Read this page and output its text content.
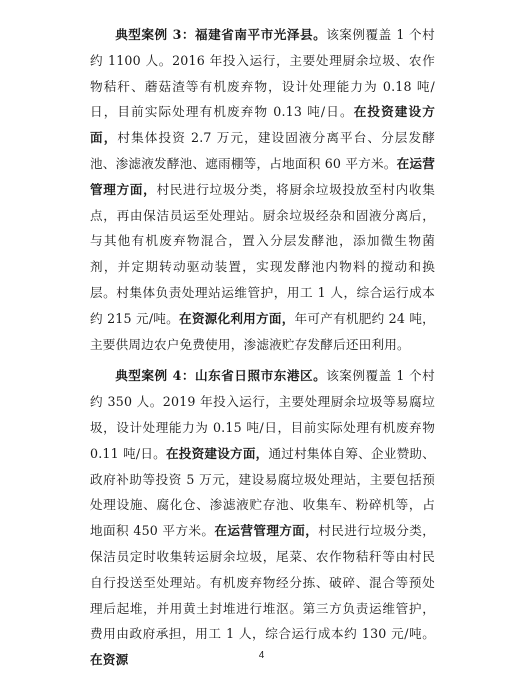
典型案例 3：福建省南平市光泽县。该案例覆盖 1 个村约 1100 人。2016 年投入运行，主要处理厨余垃圾、农作物秸秆、蘑菇渣等有机废弃物，设计处理能力为 0.18 吨/日，目前实际处理有机废弃物 0.13 吨/日。在投资建设方面，村集体投资 2.7 万元，建设固液分离平台、分层发酵池、渗滤液发酵池、遮雨棚等，占地面积 60 平方米。在运营管理方面，村民进行垃圾分类，将厨余垃圾投放至村内收集点，再由保洁员运至处理站。厨余垃圾经杂和固液分离后，与其他有机废弃物混合，置入分层发酵池，添加微生物菌剂，并定期转动驱动装置，实现发酵池内物料的搅动和换层。村集体负责处理站运维管护，用工 1 人，综合运行成本约 215 元/吨。在资源化利用方面，年可产有机肥约 24 吨，主要供周边农户免费使用，渗滤液贮存发酵后还田利用。

典型案例 4：山东省日照市东港区。该案例覆盖 1 个村约 350 人。2019 年投入运行，主要处理厨余垃圾等易腐垃圾，设计处理能力为 0.15 吨/日，目前实际处理有机废弃物 0.11 吨/日。在投资建设方面，通过村集体自筹、企业赞助、政府补助等投资 5 万元，建设易腐垃圾处理站，主要包括预处理设施、腐化仓、渗滤液贮存池、收集车、粉碎机等，占地面积 450 平方米。在运营管理方面，村民进行垃圾分类，保洁员定时收集转运厨余垃圾，尾菜、农作物秸秆等由村民自行投送至处理站。有机废弃物经分拣、破碎、混合等预处理后起堆，并用黄土封堆进行堆沤。第三方负责运维管护，费用由政府承担，用工 1 人，综合运行成本约 130 元/吨。在资源	4
